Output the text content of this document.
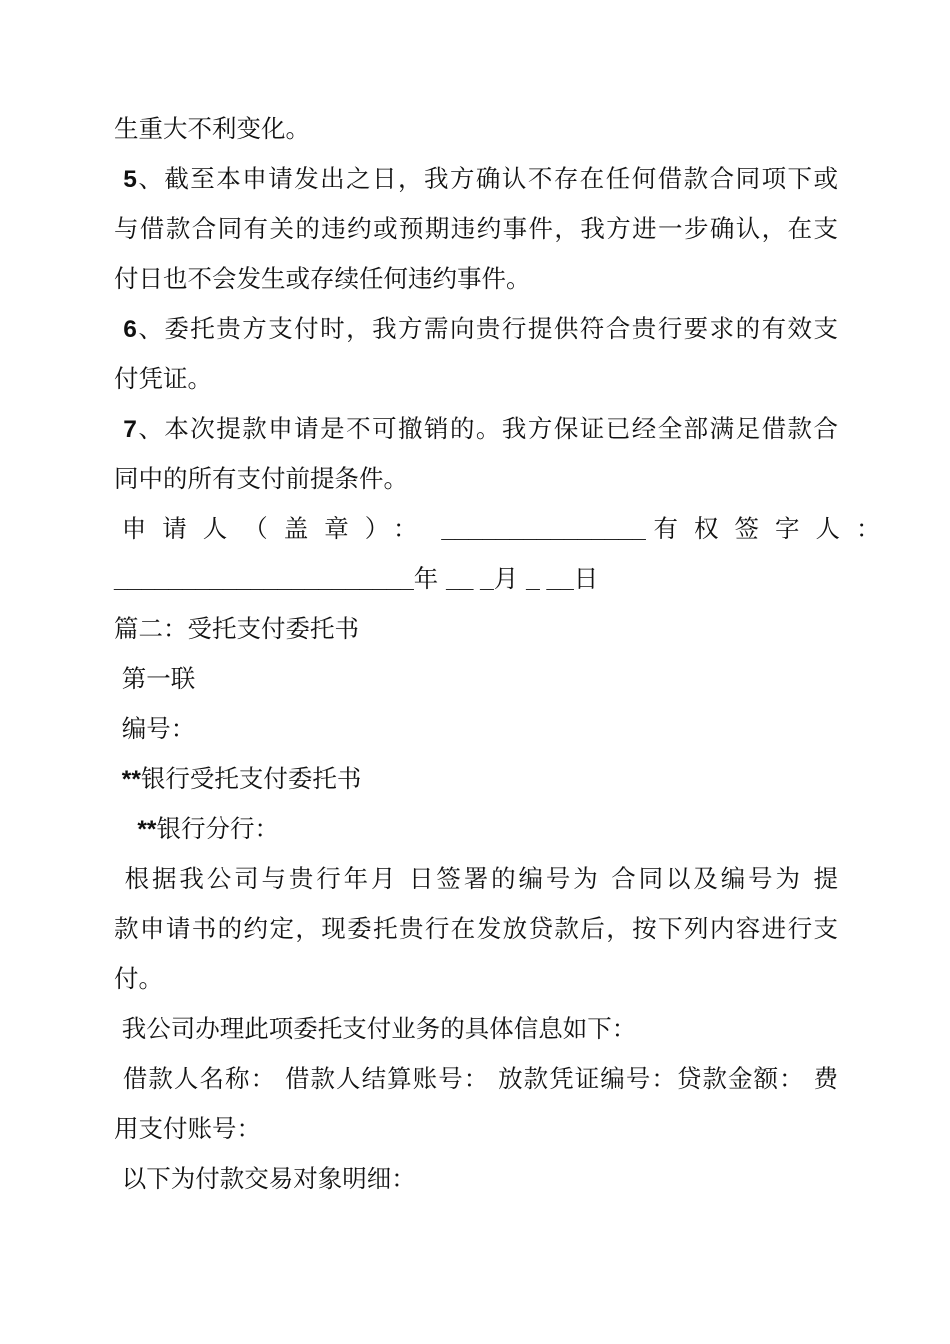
生重大不利变化。
5、截至本申请发出之日，我方确认不存在任何借款合同项下或
与借款合同有关的违约或预期违约事件，我方进一步确认，在支
付日也不会发生或存续任何违约事件。
6、委托贵方支付时，我方需向贵行提供符合贵行要求的有效支
付凭证。
7、本次提款申请是不可撤销的。我方保证已经全部满足借款合
同中的所有支付前提条件。
申请人（盖章）： _______________ 有权签字人：
______________________年 __ _月 _ __日
篇二：受托支付委托书
第一联
编号：
**银行受托支付委托书
**银行分行：
根据我公司与贵行年月 日签署的编号为 合同以及编号为 提
款申请书的约定，现委托贵行在发放贷款后，按下列内容进行支
付。
我公司办理此项委托支付业务的具体信息如下：
借款人名称： 借款人结算账号： 放款凭证编号：贷款金额： 费
用支付账号：
以下为付款交易对象明细：
